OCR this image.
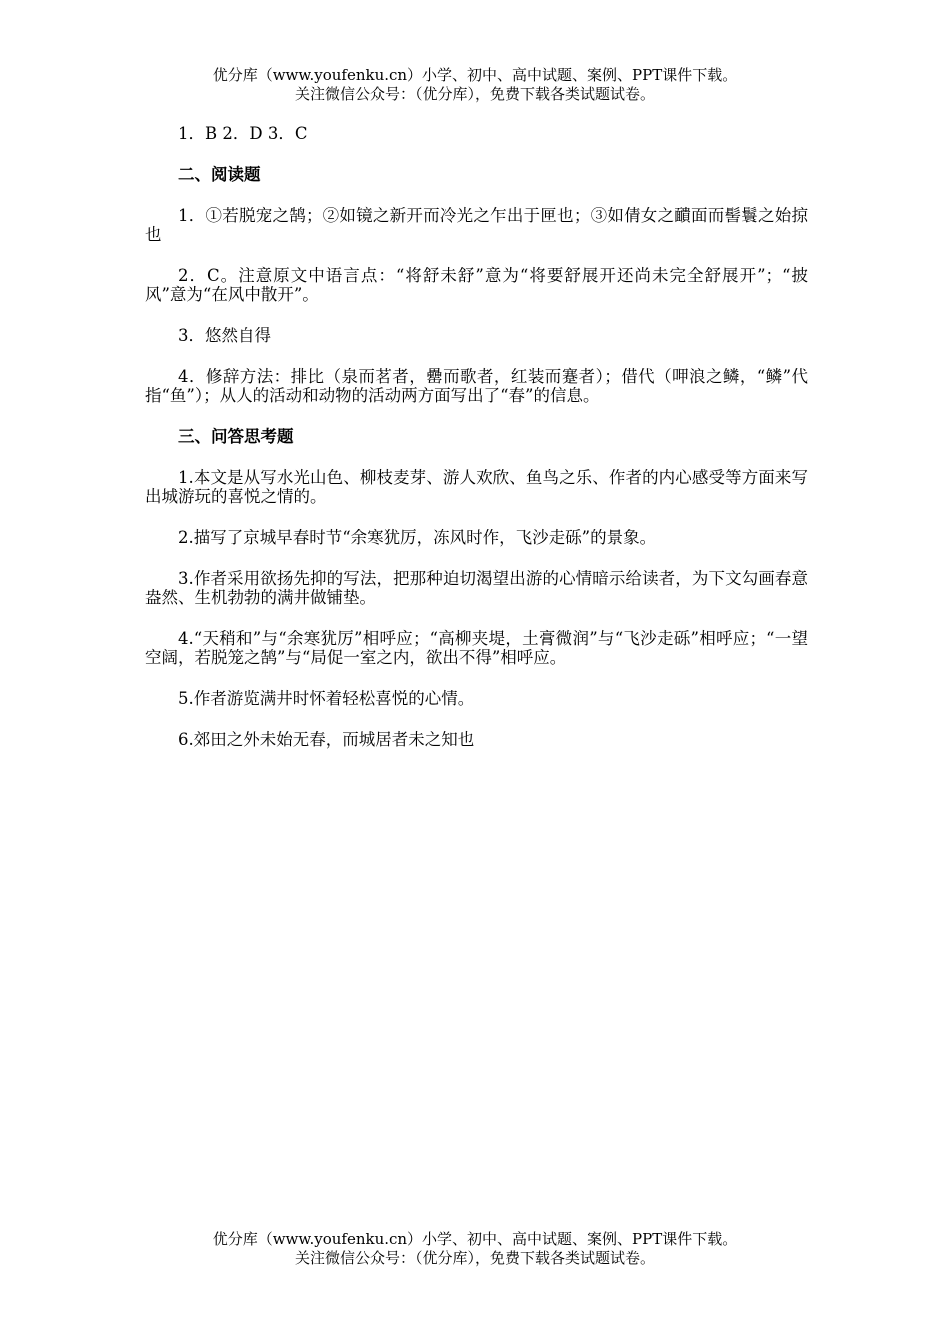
优分库（www.youfenku.cn）小学、初中、高中试题、案例、PPT课件下载。
关注微信公众号：（优分库），免费下载各类试题试卷。

1．B 2．D 3．C

二、阅读题

1．①若脱宠之鹄；②如镜之新开而冷光之乍出于匣也；③如倩女之靧面而髻鬟之始掠也

2．C。注意原文中语言点：“将舒未舒”意为“将要舒展开还尚未完全舒展开”；“披风”意为“在风中散开”。

3．悠然自得

4．修辞方法：排比（泉而茗者，罍而歌者，红装而蹇者）；借代（呷浪之鳞，“鳞”代指“鱼”）；从人的活动和动物的活动两方面写出了“春”的信息。

三、问答思考题

1.本文是从写水光山色、柳枝麦芽、游人欢欣、鱼鸟之乐、作者的内心感受等方面来写出城游玩的喜悦之情的。

2.描写了京城早春时节“余寒犹厉，冻风时作，飞沙走砾”的景象。

3.作者采用欲扬先抑的写法，把那种迫切渴望出游的心情暗示给读者，为下文勾画春意盎然、生机勃勃的满井做铺垫。

4.“天稍和”与“余寒犹厉”相呼应；“高柳夹堤，土膏微润”与“飞沙走砾”相呼应；“一望空阔，若脱笼之鹄”与“局促一室之内，欲出不得”相呼应。

5.作者游览满井时怀着轻松喜悦的心情。

6.郊田之外未始无春，而城居者未之知也

优分库（www.youfenku.cn）小学、初中、高中试题、案例、PPT课件下载。
关注微信公众号：（优分库），免费下载各类试题试卷。
